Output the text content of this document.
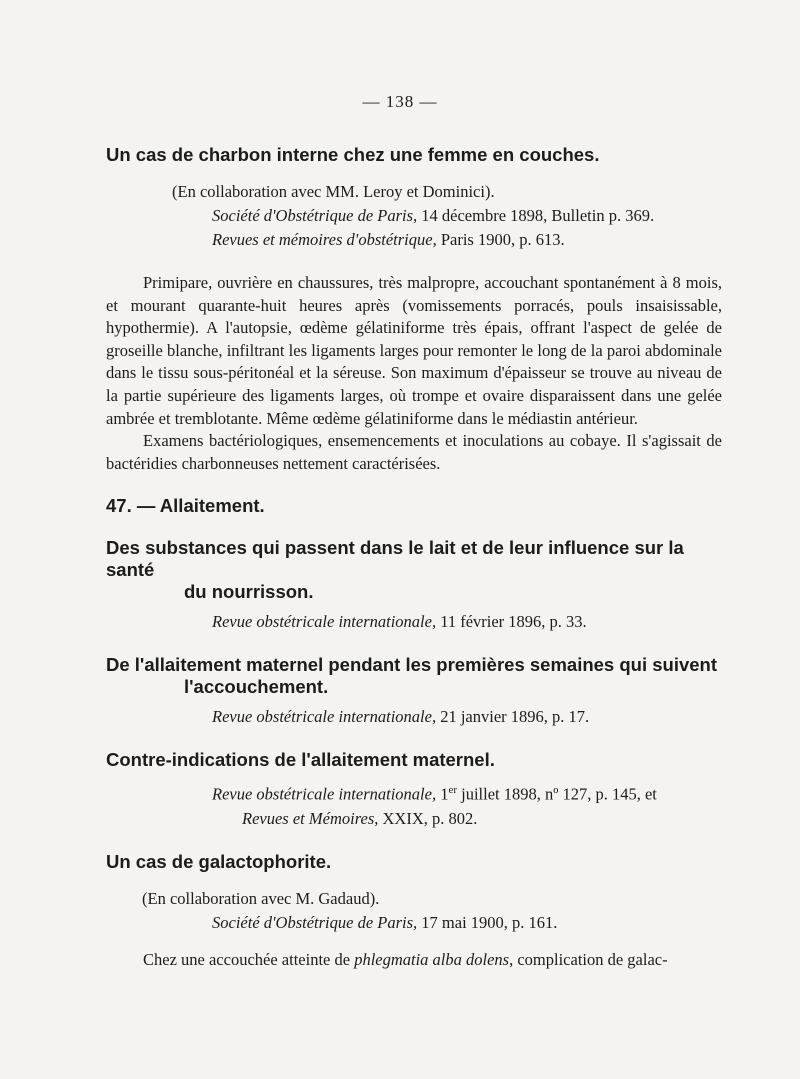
— 138 —
Un cas de charbon interne chez une femme en couches.
(En collaboration avec MM. Leroy et Dominici).
Société d'Obstétrique de Paris, 14 décembre 1898, Bulletin p. 369.
Revues et mémoires d'obstétrique, Paris 1900, p. 613.

Primipare, ouvrière en chaussures, très malpropre, accouchant spontanément à 8 mois, et mourant quarante-huit heures après (vomissements porracés, pouls insaisissable, hypothermie). A l'autopsie, œdème gélatiniforme très épais, offrant l'aspect de gelée de groseille blanche, infiltrant les ligaments larges pour remonter le long de la paroi abdominale dans le tissu sous-péritonéal et la séreuse. Son maximum d'épaisseur se trouve au niveau de la partie supérieure des ligaments larges, où trompe et ovaire disparaissent dans une gelée ambrée et tremblotante. Même œdème gélatiniforme dans le médiastin antérieur.

Examens bactériologiques, ensemencements et inoculations au cobaye. Il s'agissait de bactéridies charbonneuses nettement caractérisées.

47. — Allaitement.
Des substances qui passent dans le lait et de leur influence sur la santé
du nourrisson.
Revue obstétricale internationale, 11 février 1896, p. 33.
De l'allaitement maternel pendant les premières semaines qui suivent
l'accouchement.
Revue obstétricale internationale, 21 janvier 1896, p. 17.
Contre-indications de l'allaitement maternel.
Revue obstétricale internationale, 1er juillet 1898, nº 127, p. 145, et
Revues et Mémoires, XXIX, p. 802.
Un cas de galactophorite.
(En collaboration avec M. Gadaud).
Société d'Obstétrique de Paris, 17 mai 1900, p. 161.

Chez une accouchée atteinte de phlegmatia alba dolens, complication de galac-
